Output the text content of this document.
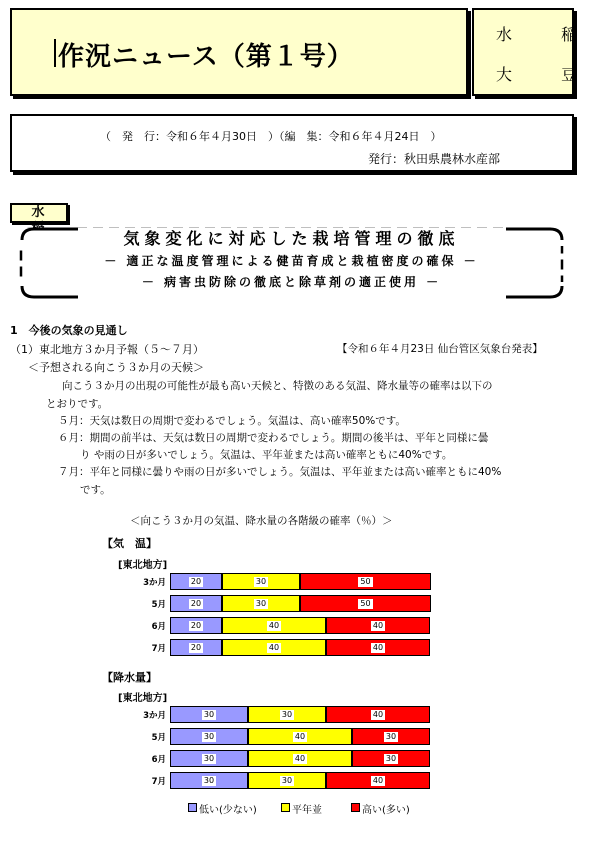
作況ニュース（第１号）
水 稲
大 豆
（　発　行：令和６年４月30日　）（編　集：令和６年４月24日　）
発行：秋田県農林水産部
水
気象変化に対応した栽培管理の徹底
－ 適正な温度管理による健苗育成と栽植密度の確保 －
－ 病害虫防除の徹底と除草剤の適正使用 －
1　今後の気象の見通し
（1）東北地方３か月予報（５～７月）	【令和６年４月23日 仙台管区気象台発表】
＜予想される向こう３か月の天候＞
向こう３か月の出現の可能性が最も高い天候と、特徴のある気温、降水量等の確率は以下の
とおりです。
５月：天気は数日の周期で変わるでしょう。気温は、高い確率50%です。
６月：期間の前半は、天気は数日の周期で変わるでしょう。期間の後半は、平年と同様に曇
り や雨の日が多いでしょう。気温は、平年並または高い確率ともに40%です。
７月：平年と同様に曇りや雨の日が多いでしょう。気温は、平年並または高い確率ともに40%
です。
＜向こう３か月の気温、降水量の各階級の確率（％）＞
【気　温】
[東北地方]
【降水量】
[東北地方]
3か月	20	30	50
5月	20	30	50
6月	20	40	40
7月	20	40	40
3か月	30	30	40
5月	30	40	30
6月	30	40	30
7月	30	30	40
低い(少ない)	平年並	高い(多い)
